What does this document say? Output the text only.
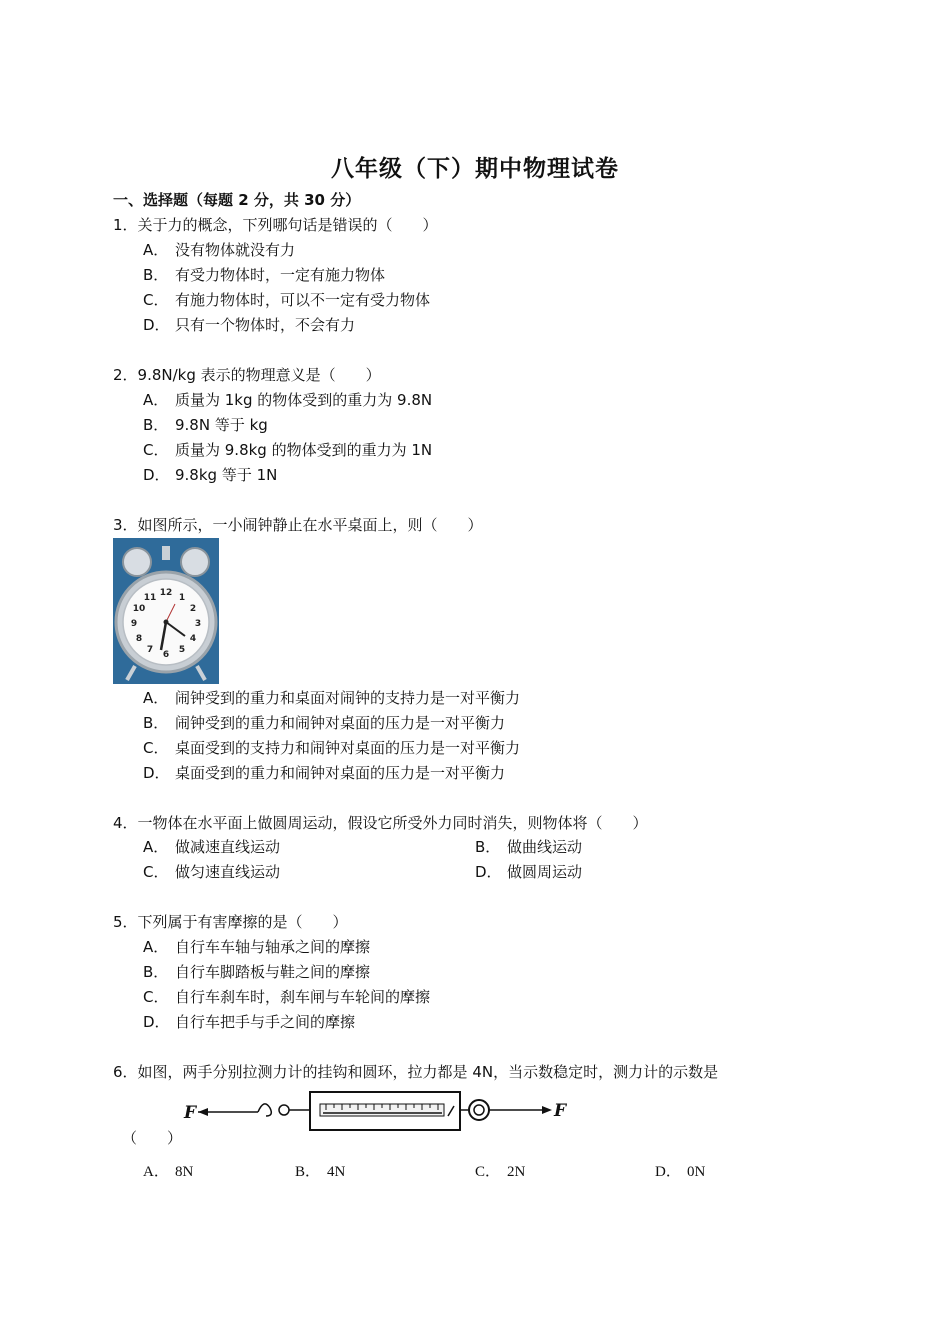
八年级（下）期中物理试卷
一、选择题（每题 2 分，共 30 分）
1．关于力的概念，下列哪句话是错误的（　　）
A． 没有物体就没有力
B． 有受力物体时，一定有施力物体
C． 有施力物体时，可以不一定有受力物体
D． 只有一个物体时，不会有力
2．9.8N/kg 表示的物理意义是（　　）
A． 质量为 1kg 的物体受到的重力为 9.8N
B． 9.8N 等于 kg
C． 质量为 9.8kg 的物体受到的重力为 1N
D． 9.8kg 等于 1N
3．如图所示，一小闹钟静止在水平桌面上，则（　　）
12 1
2
3
4
5
6
7
8
9
10
11
A． 闹钟受到的重力和桌面对闹钟的支持力是一对平衡力
B． 闹钟受到的重力和闹钟对桌面的压力是一对平衡力
C． 桌面受到的支持力和闹钟对桌面的压力是一对平衡力
D． 桌面受到的重力和闹钟对桌面的压力是一对平衡力
4．一物体在水平面上做圆周运动，假设它所受外力同时消失，则物体将（　　）
A． 做减速直线运动	B． 做曲线运动
C． 做匀速直线运动	D． 做圆周运动
5．下列属于有害摩擦的是（　　）
A． 自行车车轴与轴承之间的摩擦
B． 自行车脚踏板与鞋之间的摩擦
C． 自行车刹车时，刹车闸与车轮间的摩擦
D． 自行车把手与手之间的摩擦
6．如图，两手分别拉测力计的挂钩和圆环，拉力都是 4N，当示数稳定时，测力计的示数是
F	F
（　　）
A． 8N	B． 4N	C． 2N	D． 0N
